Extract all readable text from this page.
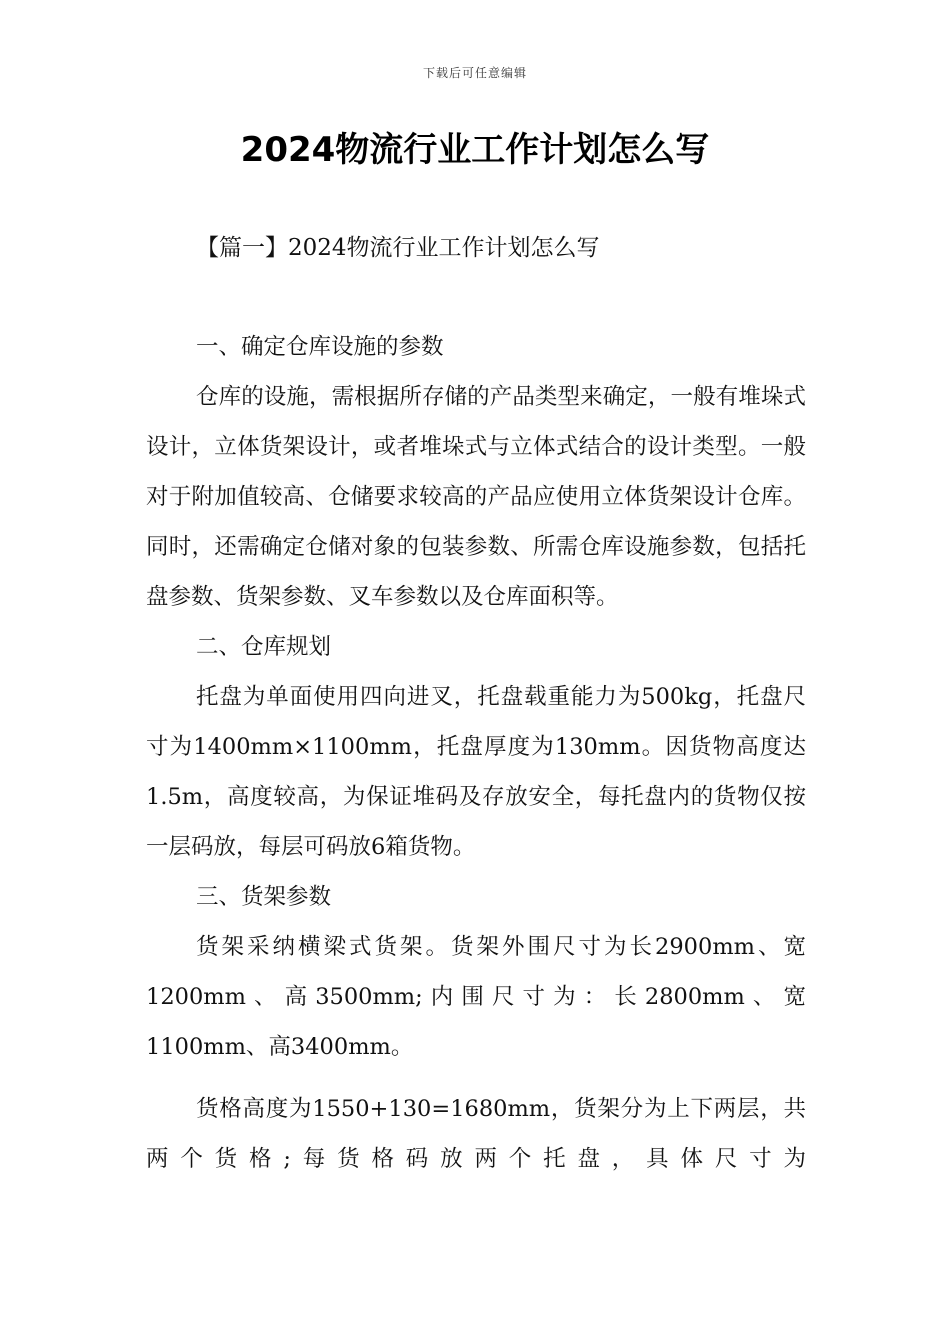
下载后可任意编辑
2024物流行业工作计划怎么写

【篇一】2024物流行业工作计划怎么写

一、确定仓库设施的参数

仓库的设施，需根据所存储的产品类型来确定，一般有堆垛式设计，立体货架设计，或者堆垛式与立体式结合的设计类型。一般对于附加值较高、仓储要求较高的产品应使用立体货架设计仓库。同时，还需确定仓储对象的包装参数、所需仓库设施参数，包括托盘参数、货架参数、叉车参数以及仓库面积等。

二、仓库规划

托盘为单面使用四向进叉，托盘载重能力为500kg，托盘尺寸为1400mm×1100mm，托盘厚度为130mm。因货物高度达1.5m，高度较高，为保证堆码及存放安全，每托盘内的货物仅按一层码放，每层可码放6箱货物。

三、货架参数

货架采纳横梁式货架。货架外围尺寸为长2900mm、宽1200mm、高3500mm;内围尺寸为：长2800mm、宽1100mm、高3400mm。

货格高度为1550+130=1680mm，货架分为上下两层，共两个货格;每货格码放两个托盘，具体尺寸为
